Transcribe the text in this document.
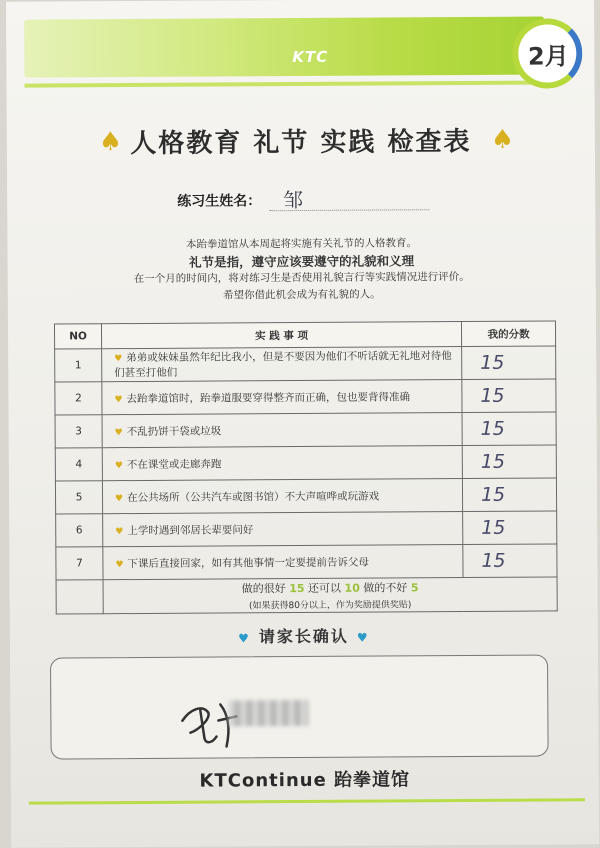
KTC	2月
♠ 人格教育 礼节 实践 检查表 ♠
练习生姓名： 邹
本跆拳道馆从本周起将实施有关礼节的人格教育。
礼节是指，遵守应该要遵守的礼貌和义理
在一个月的时间内，将对练习生是否使用礼貌言行等实践情况进行评价。
希望你借此机会成为有礼貌的人。
NO	实 践 事 项	我的分数
1	♥ 弟弟或妹妹虽然年纪比我小，但是不要因为他们不听话就无礼地对待他们甚至打他们	15
2	♥ 去跆拳道馆时，跆拳道服要穿得整齐而正确，包也要背得准确	15
3	♥ 不乱扔饼干袋或垃圾	15
4	♥ 不在课堂或走廊奔跑	15
5	♥ 在公共场所（公共汽车或图书馆）不大声喧哗或玩游戏	15
6	♥ 上学时遇到邻居长辈要问好	15
7	♥ 下课后直接回家，如有其他事情一定要提前告诉父母	15
	做的很好 15 还可以 10 做的不好 5
(如果获得80分以上，作为奖励提供奖贴)	
♥ 请家长确认 ♥
KTContinue 跆拳道馆
